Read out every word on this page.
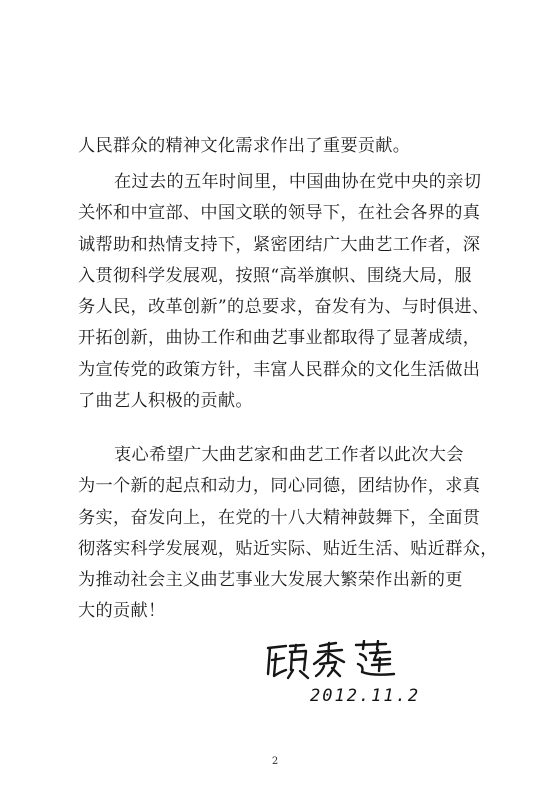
人民群众的精神文化需求作出了重要贡献。
在过去的五年时间里，中国曲协在党中央的亲切
关怀和中宣部、中国文联的领导下，在社会各界的真
诚帮助和热情支持下，紧密团结广大曲艺工作者，深
入贯彻科学发展观，按照“高举旗帜、围绕大局，服
务人民，改革创新”的总要求，奋发有为、与时俱进、
开拓创新，曲协工作和曲艺事业都取得了显著成绩，
为宣传党的政策方针，丰富人民群众的文化生活做出
了曲艺人积极的贡献。
衷心希望广大曲艺家和曲艺工作者以此次大会
为一个新的起点和动力，同心同德，团结协作，求真
务实，奋发向上，在党的十八大精神鼓舞下，全面贯
彻落实科学发展观，贴近实际、贴近生活、贴近群众，
为推动社会主义曲艺事业大发展大繁荣作出新的更
大的贡献！
2012.11.2
2
